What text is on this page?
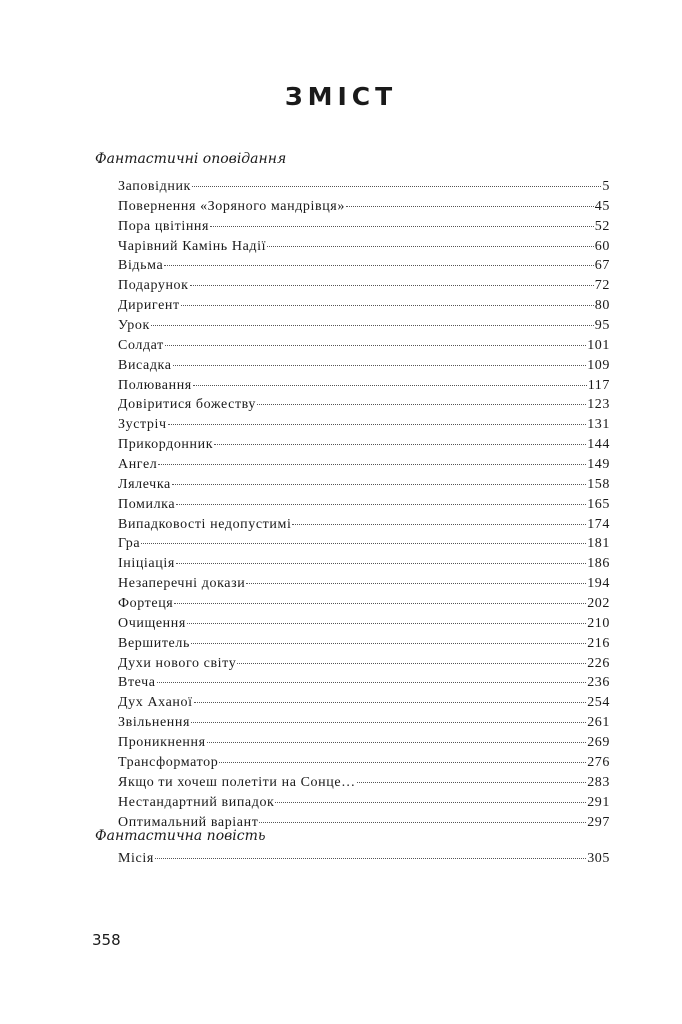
ЗМІСТ
Фантастичні оповідання
Заповідник	5
Повернення «Зоряного мандрівця»	45
Пора цвітіння	52
Чарівний Камінь Надії	60
Відьма	67
Подарунок	72
Диригент	80
Урок	95
Солдат	101
Висадка	109
Полювання	117
Довіритися божеству	123
Зустріч	131
Прикордонник	144
Ангел	149
Лялечка	158
Помилка	165
Випадковості недопустимі	174
Гра	181
Ініціація	186
Незаперечні докази	194
Фортеця	202
Очищення	210
Вершитель	216
Духи нового світу	226
Втеча	236
Дух Аханої	254
Звільнення	261
Проникнення	269
Трансформатор	276
Якщо ти хочеш полетіти на Сонце…	283
Нестандартний випадок	291
Оптимальний варіант	297
Фантастична повість
Місія	305
358
